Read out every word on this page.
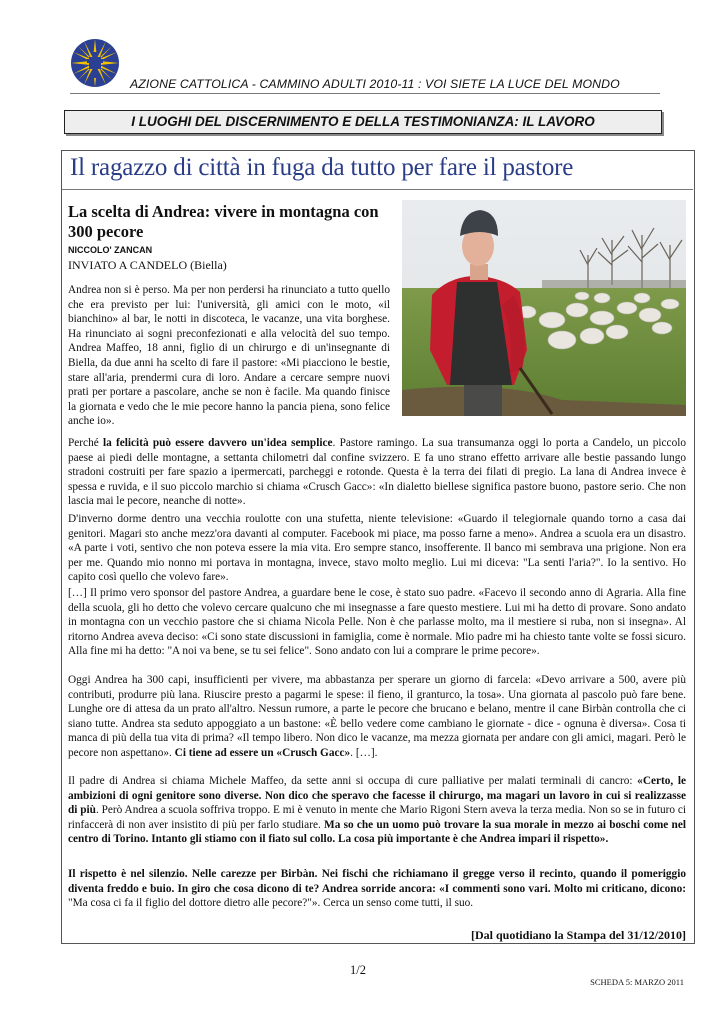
AZIONE CATTOLICA - CAMMINO ADULTI 2010-11 : VOI SIETE LA LUCE DEL MONDO
I LUOGHI DEL DISCERNIMENTO E DELLA TESTIMONIANZA: IL LAVORO
Il ragazzo di città in fuga da tutto per fare il pastore
La scelta di Andrea: vivere in montagna con 300 pecore
NICCOLO' ZANCAN
INVIATO A CANDELO (Biella)
Andrea non si è perso. Ma per non perdersi ha rinunciato a tutto quello che era previsto per lui: l'università, gli amici con le moto, «il bianchino» al bar, le notti in discoteca, le vacanze, una vita borghese. Ha rinunciato ai sogni preconfezionati e alla velocità del suo tempo. Andrea Maffeo, 18 anni, figlio di un chirurgo e di un'insegnante di Biella, da due anni ha scelto di fare il pastore: «Mi piacciono le bestie, stare all'aria, prendermi cura di loro. Andare a cercare sempre nuovi prati per portare a pascolare, anche se non è facile. Ma quando finisce la giornata e vedo che le mie pecore hanno la pancia piena, sono felice anche io».

Perché la felicità può essere davvero un'idea semplice. Pastore ramingo. La sua transumanza oggi lo porta a Candelo, un piccolo paese ai piedi delle montagne, a settanta chilometri dal confine svizzero. E fa uno strano effetto arrivare alle bestie passando lungo stradoni costruiti per fare spazio a ipermercati, parcheggi e rotonde. Questa è la terra dei filati di pregio. La lana di Andrea invece è spessa e ruvida, e il suo piccolo marchio si chiama «Crusch Gacc»: «In dialetto biellese significa pastore buono, pastore serio. Che non lascia mai le pecore, neanche di notte».

D'inverno dorme dentro una vecchia roulotte con una stufetta, niente televisione: «Guardo il telegiornale quando torno a casa dai genitori. Magari sto anche mezz'ora davanti al computer. Facebook mi piace, ma posso farne a meno». Andrea a scuola era un disastro. «A parte i voti, sentivo che non poteva essere la mia vita. Ero sempre stanco, insofferente. Il banco mi sembrava una prigione. Non era per me. Quando mio nonno mi portava in montagna, invece, stavo molto meglio. Lui mi diceva: "La senti l'aria?". Io la sentivo. Ho capito così quello che volevo fare».

[…] Il primo vero sponsor del pastore Andrea, a guardare bene le cose, è stato suo padre. «Facevo il secondo anno di Agraria. Alla fine della scuola, gli ho detto che volevo cercare qualcuno che mi insegnasse a fare questo mestiere. Lui mi ha detto di provare. Sono andato in montagna con un vecchio pastore che si chiama Nicola Pelle. Non è che parlasse molto, ma il mestiere si ruba, non si insegna». Al ritorno Andrea aveva deciso: «Ci sono state discussioni in famiglia, come è normale. Mio padre mi ha chiesto tante volte se fossi sicuro. Alla fine mi ha detto: "A noi va bene, se tu sei felice". Sono andato con lui a comprare le prime pecore».

Oggi Andrea ha 300 capi, insufficienti per vivere, ma abbastanza per sperare un giorno di farcela: «Devo arrivare a 500, avere più contributi, produrre più lana. Riuscire presto a pagarmi le spese: il fieno, il granturco, la tosa». Una giornata al pascolo può fare bene. Lunghe ore di attesa da un prato all'altro. Nessun rumore, a parte le pecore che brucano e belano, mentre il cane Birbàn controlla che ci siano tutte. Andrea sta seduto appoggiato a un bastone: «È bello vedere come cambiano le giornate - dice - ognuna è diversa». Cosa ti manca di più della tua vita di prima? «Il tempo libero. Non dico le vacanze, ma mezza giornata per andare con gli amici, magari. Però le pecore non aspettano». Ci tiene ad essere un «Crusch Gacc». […].

Il padre di Andrea si chiama Michele Maffeo, da sette anni si occupa di cure palliative per malati terminali di cancro: «Certo, le ambizioni di ogni genitore sono diverse. Non dico che speravo che facesse il chirurgo, ma magari un lavoro in cui si realizzasse di più. Però Andrea a scuola soffriva troppo. E mi è venuto in mente che Mario Rigoni Stern aveva la terza media. Non so se in futuro ci rinfaccerà di non aver insistito di più per farlo studiare. Ma so che un uomo può trovare la sua morale in mezzo ai boschi come nel centro di Torino. Intanto gli stiamo con il fiato sul collo. La cosa più importante è che Andrea impari il rispetto».

Il rispetto è nel silenzio. Nelle carezze per Birbàn. Nei fischi che richiamano il gregge verso il recinto, quando il pomeriggio diventa freddo e buio. In giro che cosa dicono di te? Andrea sorride ancora: «I commenti sono vari. Molto mi criticano, dicono: "Ma cosa ci fa il figlio del dottore dietro alle pecore?"». Cerca un senso come tutti, il suo.

[Dal quotidiano la Stampa del 31/12/2010]
1/2
SCHEDA 5: MARZO 2011
